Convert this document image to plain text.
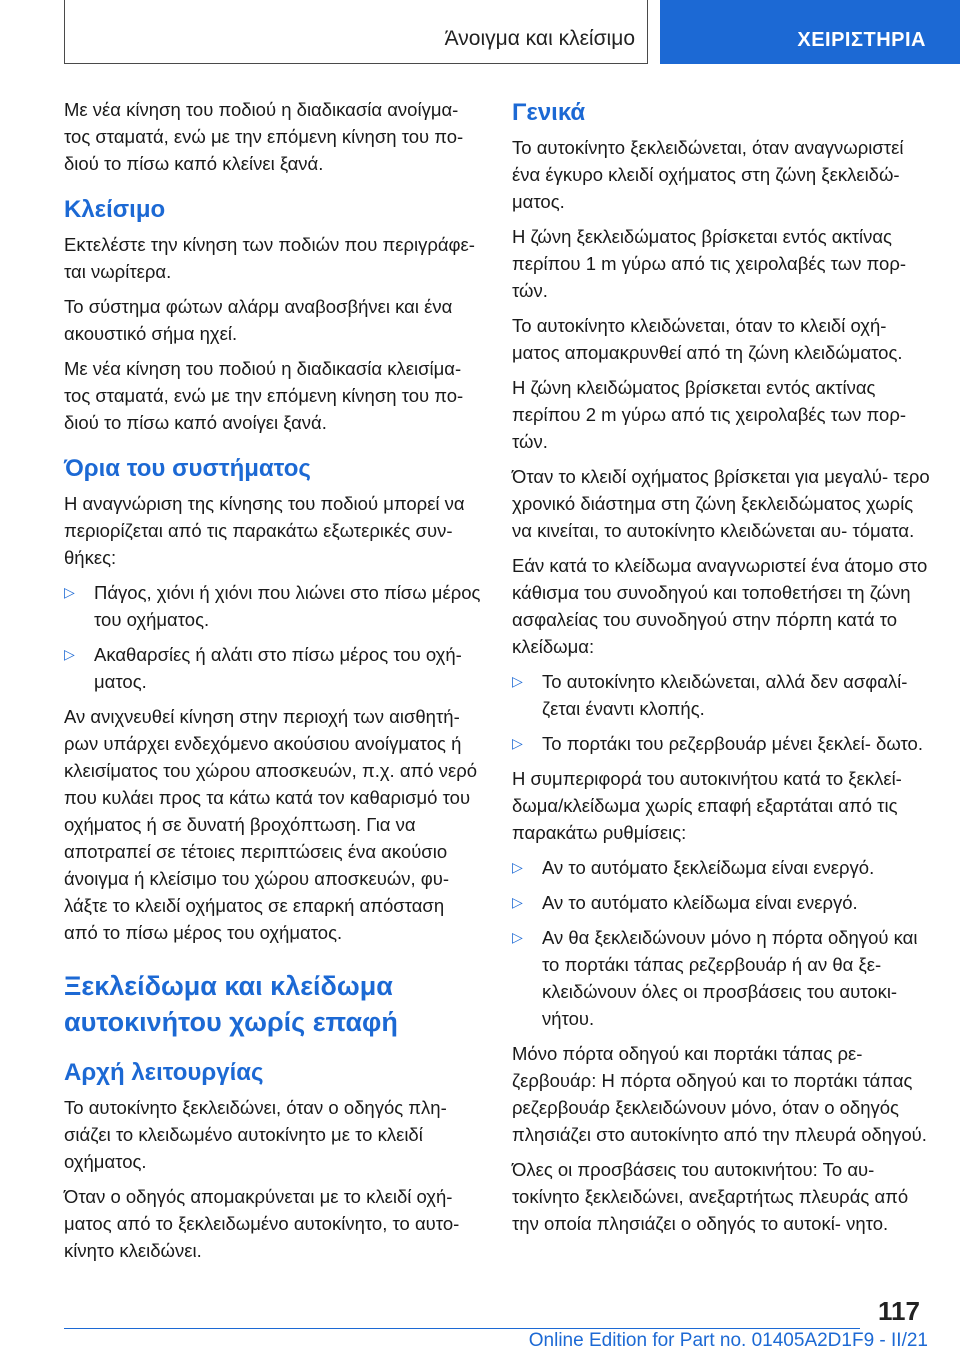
Άνοιγμα και κλείσιμο	ΧΕΙΡΙΣΤΗΡΙΑ

Με νέα κίνηση του ποδιού η διαδικασία ανοίγμα- τος σταματά, ενώ με την επόμενη κίνηση του πο- διού το πίσω καπό κλείνει ξανά.

Κλείσιμο

Εκτελέστε την κίνηση των ποδιών που περιγράφε- ται νωρίτερα.

Το σύστημα φώτων αλάρμ αναβοσβήνει και ένα ακουστικό σήμα ηχεί.

Με νέα κίνηση του ποδιού η διαδικασία κλεισίμα- τος σταματά, ενώ με την επόμενη κίνηση του πο- διού το πίσω καπό ανοίγει ξανά.

Όρια του συστήματος

Η αναγνώριση της κίνησης του ποδιού μπορεί να περιορίζεται από τις παρακάτω εξωτερικές συν- θήκες:

▷	Πάγος, χιόνι ή χιόνι που λιώνει στο πίσω μέρος του οχήματος.
▷	Ακαθαρσίες ή αλάτι στο πίσω μέρος του οχή- ματος.

Αν ανιχνευθεί κίνηση στην περιοχή των αισθητή- ρων υπάρχει ενδεχόμενο ακούσιου ανοίγματος ή κλεισίματος του χώρου αποσκευών, π.χ. από νερό που κυλάει προς τα κάτω κατά τον καθαρισμό του οχήματος ή σε δυνατή βροχόπτωση. Για να αποτραπεί σε τέτοιες περιπτώσεις ένα ακούσιο άνοιγμα ή κλείσιμο του χώρου αποσκευών, φυ- λάξτε το κλειδί οχήματος σε επαρκή απόσταση από το πίσω μέρος του οχήματος.

Ξεκλείδωμα και κλείδωμα αυτοκινήτου χωρίς επαφή
Αρχή λειτουργίας

Το αυτοκίνητο ξεκλειδώνει, όταν ο οδηγός πλη- σιάζει το κλειδωμένο αυτοκίνητο με το κλειδί οχήματος.

Όταν ο οδηγός απομακρύνεται με το κλειδί οχή- ματος από το ξεκλειδωμένο αυτοκίνητο, το αυτο- κίνητο κλειδώνει.

Γενικά

Το αυτοκίνητο ξεκλειδώνεται, όταν αναγνωριστεί ένα έγκυρο κλειδί οχήματος στη ζώνη ξεκλειδώ- ματος.

Η ζώνη ξεκλειδώματος βρίσκεται εντός ακτίνας περίπου 1 m γύρω από τις χειρολαβές των πορ- τών.

Το αυτοκίνητο κλειδώνεται, όταν το κλειδί οχή- ματος απομακρυνθεί από τη ζώνη κλειδώματος.

Η ζώνη κλειδώματος βρίσκεται εντός ακτίνας περίπου 2 m γύρω από τις χειρολαβές των πορ- τών.

Όταν το κλειδί οχήματος βρίσκεται για μεγαλύ- τερο χρονικό διάστημα στη ζώνη ξεκλειδώματος χωρίς να κινείται, το αυτοκίνητο κλειδώνεται αυ- τόματα.

Εάν κατά το κλείδωμα αναγνωριστεί ένα άτομο στο κάθισμα του συνοδηγού και τοποθετήσει τη ζώνη ασφαλείας του συνοδηγού στην πόρπη κατά το κλείδωμα:

▷	Το αυτοκίνητο κλειδώνεται, αλλά δεν ασφαλί- ζεται έναντι κλοπής.
▷	Το πορτάκι του ρεζερβουάρ μένει ξεκλεί- δωτο.

Η συμπεριφορά του αυτοκινήτου κατά το ξεκλεί- δωμα/κλείδωμα χωρίς επαφή εξαρτάται από τις παρακάτω ρυθμίσεις:

▷	Αν το αυτόματο ξεκλείδωμα είναι ενεργό.
▷	Αν το αυτόματο κλείδωμα είναι ενεργό.
▷	Αν θα ξεκλειδώνουν μόνο η πόρτα οδηγού και το πορτάκι τάπας ρεζερβουάρ ή αν θα ξε- κλειδώνουν όλες οι προσβάσεις του αυτοκι- νήτου.

Μόνο πόρτα οδηγού και πορτάκι τάπας ρε- ζερβουάρ: Η πόρτα οδηγού και το πορτάκι τάπας ρεζερβουάρ ξεκλειδώνουν μόνο, όταν ο οδηγός πλησιάζει στο αυτοκίνητο από την πλευρά οδηγού.

Όλες οι προσβάσεις του αυτοκινήτου: Το αυ- τοκίνητο ξεκλειδώνει, ανεξαρτήτως πλευράς από την οποία πλησιάζει ο οδηγός το αυτοκί- νητο.

117
Online Edition for Part no. 01405A2D1F9 - II/21
